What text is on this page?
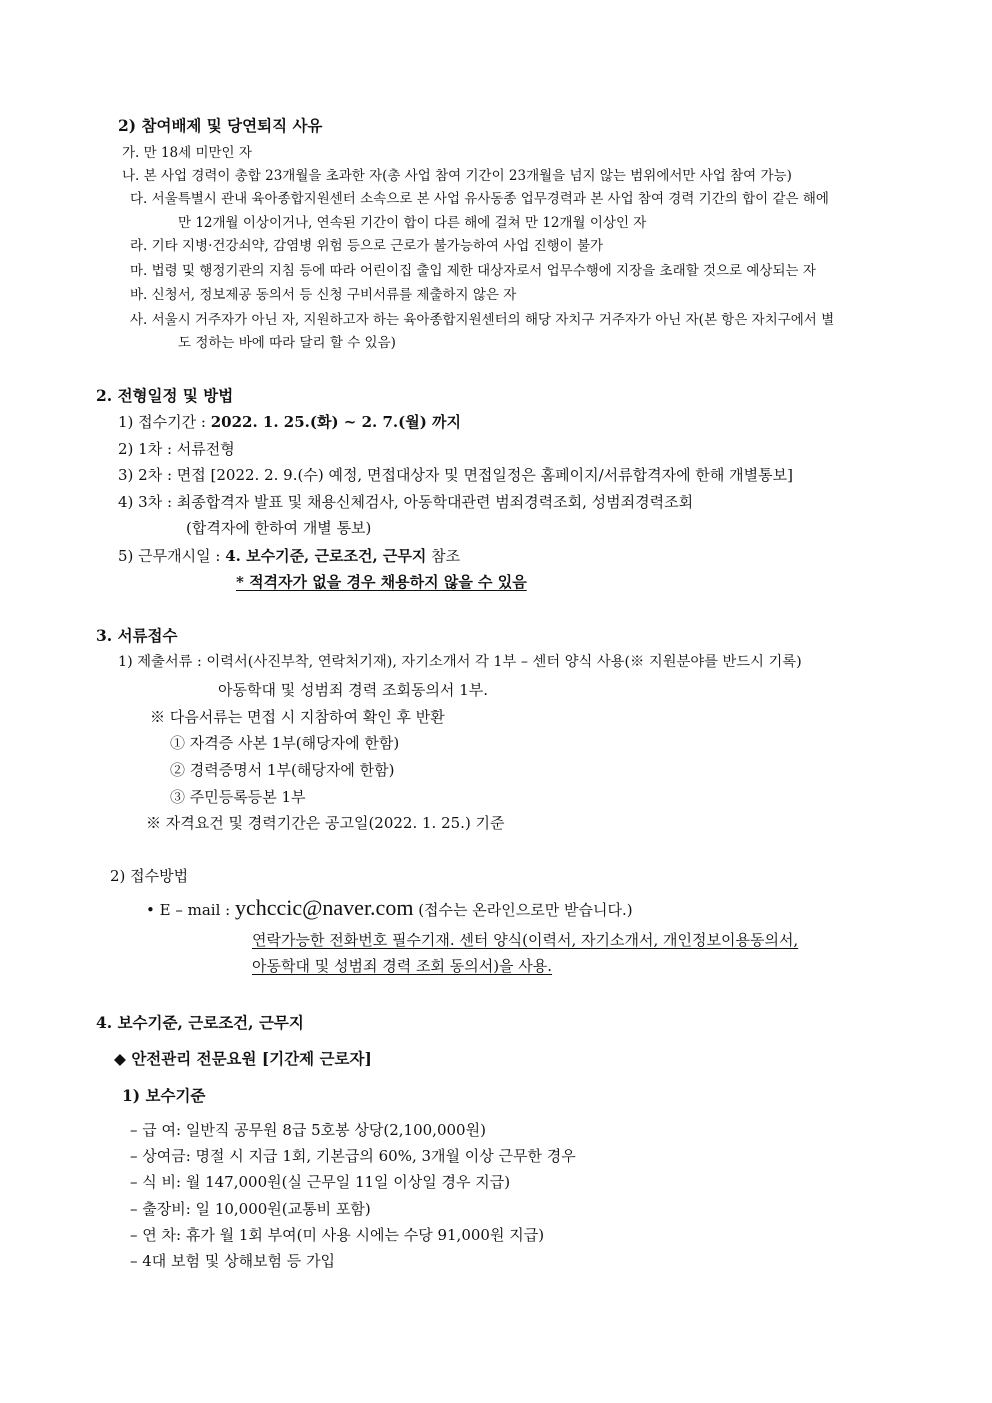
2) 참여배제 및 당연퇴직 사유
가. 만 18세 미만인 자
나. 본 사업 경력이 총합 23개월을 초과한 자(총 사업 참여 기간이 23개월을 넘지 않는 범위에서만 사업 참여 가능)
다. 서울특별시 관내 육아종합지원센터 소속으로 본 사업 유사동종 업무경력과 본 사업 참여 경력 기간의 합이 같은 해에
만 12개월 이상이거나, 연속된 기간이 합이 다른 해에 걸쳐 만 12개월 이상인 자
라. 기타 지병·건강쇠약, 감염병 위험 등으로 근로가 불가능하여 사업 진행이 불가
마. 법령 및 행정기관의 지침 등에 따라 어린이집 출입 제한 대상자로서 업무수행에 지장을 초래할 것으로 예상되는 자
바. 신청서, 정보제공 동의서 등 신청 구비서류를 제출하지 않은 자
사. 서울시 거주자가 아닌 자, 지원하고자 하는 육아종합지원센터의 해당 자치구 거주자가 아닌 자(본 항은 자치구에서 별
도 정하는 바에 따라 달리 할 수 있음)
2. 전형일정 및 방법
1) 접수기간 : 2022. 1. 25.(화) ~ 2. 7.(월) 까지
2) 1차 : 서류전형
3) 2차 : 면접 [2022. 2. 9.(수) 예정, 면접대상자 및 면접일정은 홈페이지/서류합격자에 한해 개별통보]
4) 3차 : 최종합격자 발표 및 채용신체검사, 아동학대관련 범죄경력조회, 성범죄경력조회
(합격자에 한하여 개별 통보)
5) 근무개시일 : 4. 보수기준, 근로조건, 근무지 참조
* 적격자가 없을 경우 채용하지 않을 수 있음
3. 서류접수
1) 제출서류 : 이력서(사진부착, 연락처기재), 자기소개서 각 1부 – 센터 양식 사용(※ 지원분야를 반드시 기록)
아동학대 및 성범죄 경력 조회동의서 1부.
※ 다음서류는 면접 시 지참하여 확인 후 반환
① 자격증 사본 1부(해당자에 한함)
② 경력증명서 1부(해당자에 한함)
③ 주민등록등본 1부
※ 자격요건 및 경력기간은 공고일(2022. 1. 25.) 기준
2) 접수방법
• E – mail : ychccic@naver.com (접수는 온라인으로만 받습니다.)
연락가능한 전화번호 필수기재. 센터 양식(이력서, 자기소개서, 개인정보이용동의서,
아동학대 및 성범죄 경력 조회 동의서)을 사용.
4. 보수기준, 근로조건, 근무지
◆ 안전관리 전문요원 [기간제 근로자]
1) 보수기준
– 급 여: 일반직 공무원 8급 5호봉 상당(2,100,000원)
– 상여금: 명절 시 지급 1회, 기본급의 60%, 3개월 이상 근무한 경우
– 식 비: 월 147,000원(실 근무일 11일 이상일 경우 지급)
– 출장비: 일 10,000원(교통비 포함)
– 연 차: 휴가 월 1회 부여(미 사용 시에는 수당 91,000원 지급)
– 4대 보험 및 상해보험 등 가입
